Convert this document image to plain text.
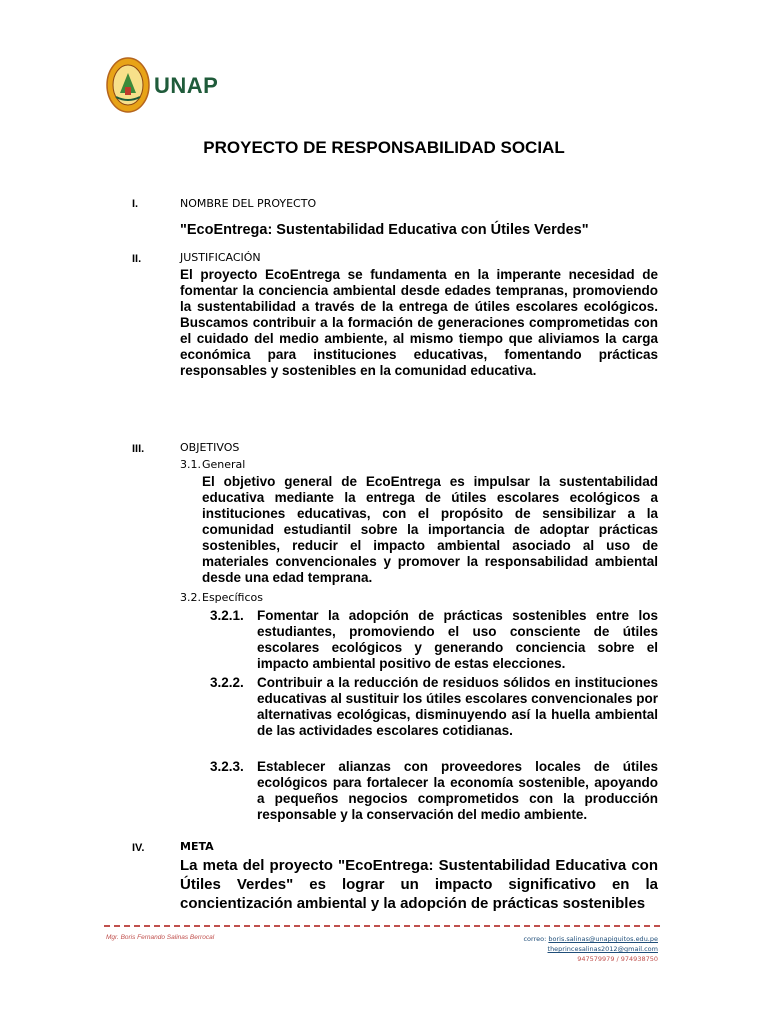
UNAP
PROYECTO DE RESPONSABILIDAD SOCIAL
I.	NOMBRE DEL PROYECTO
"EcoEntrega: Sustentabilidad Educativa con Útiles Verdes"
II.	JUSTIFICACIÓN
El proyecto EcoEntrega se fundamenta en la imperante necesidad de fomentar la conciencia ambiental desde edades tempranas, promoviendo la sustentabilidad a través de la entrega de útiles escolares ecológicos. Buscamos contribuir a la formación de generaciones comprometidas con el cuidado del medio ambiente, al mismo tiempo que aliviamos la carga económica para instituciones educativas, fomentando prácticas responsables y sostenibles en la comunidad educativa.
III.	OBJETIVOS
3.1. General
El objetivo general de EcoEntrega es impulsar la sustentabilidad educativa mediante la entrega de útiles escolares ecológicos a instituciones educativas, con el propósito de sensibilizar a la comunidad estudiantil sobre la importancia de adoptar prácticas sostenibles, reducir el impacto ambiental asociado al uso de materiales convencionales y promover la responsabilidad ambiental desde una edad temprana.
3.2. Específicos
3.2.1. Fomentar la adopción de prácticas sostenibles entre los estudiantes, promoviendo el uso consciente de útiles escolares ecológicos y generando conciencia sobre el impacto ambiental positivo de estas elecciones.
3.2.2. Contribuir a la reducción de residuos sólidos en instituciones educativas al sustituir los útiles escolares convencionales por alternativas ecológicas, disminuyendo así la huella ambiental de las actividades escolares cotidianas.
3.2.3. Establecer alianzas con proveedores locales de útiles ecológicos para fortalecer la economía sostenible, apoyando a pequeños negocios comprometidos con la producción responsable y la conservación del medio ambiente.
IV.	META
La meta del proyecto "EcoEntrega: Sustentabilidad Educativa con Útiles Verdes" es lograr un impacto significativo en la concientización ambiental y la adopción de prácticas sostenibles
Mgr. Boris Fernando Salinas Berrocal	correo: boris.salinas@unapiquitos.edu.pe
theprincesalinas2012@gmail.com
947579979 / 974938750
